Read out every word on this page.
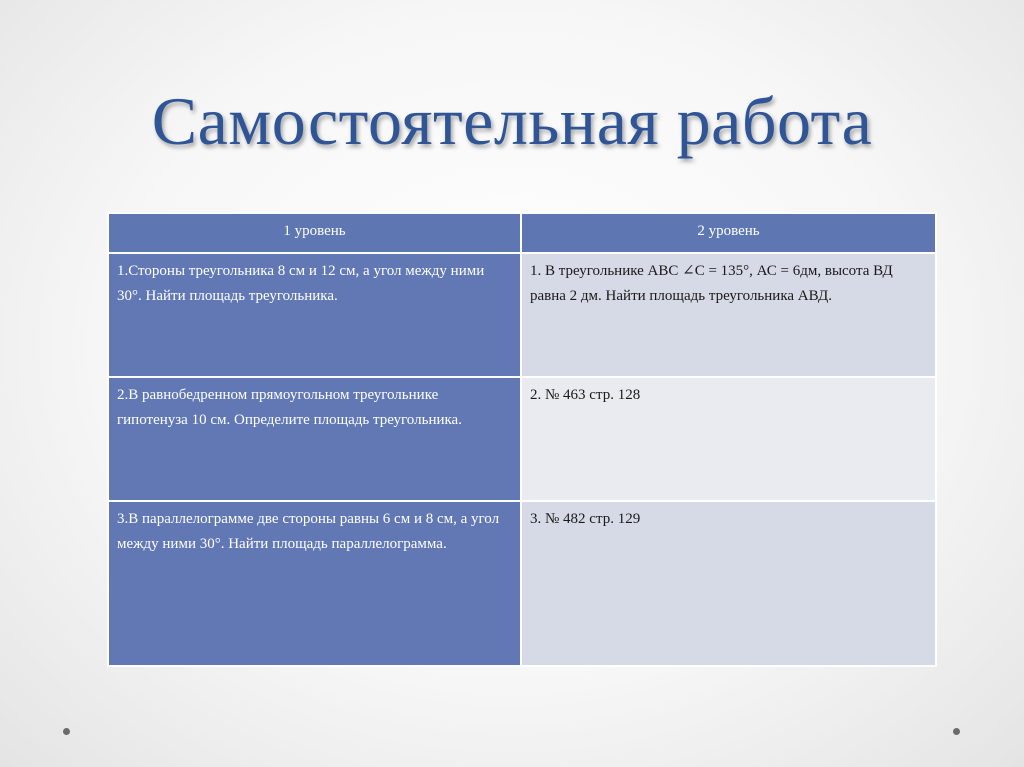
Самостоятельная работа
1 уровень	2 уровень
1.Стороны треугольника 8 см и 12 см, а угол между ними 30°. Найти площадь треугольника.	1. В треугольнике АВС ∠С = 135°, АС = 6дм, высота ВД равна 2 дм. Найти площадь треугольника АВД.
2.В равнобедренном прямоугольном треугольнике гипотенуза 10 см. Определите площадь треугольника.	2. № 463 стр. 128
3.В параллелограмме две стороны равны 6 см и 8 см, а угол между ними 30°. Найти площадь параллелограмма.	3. № 482 стр. 129
